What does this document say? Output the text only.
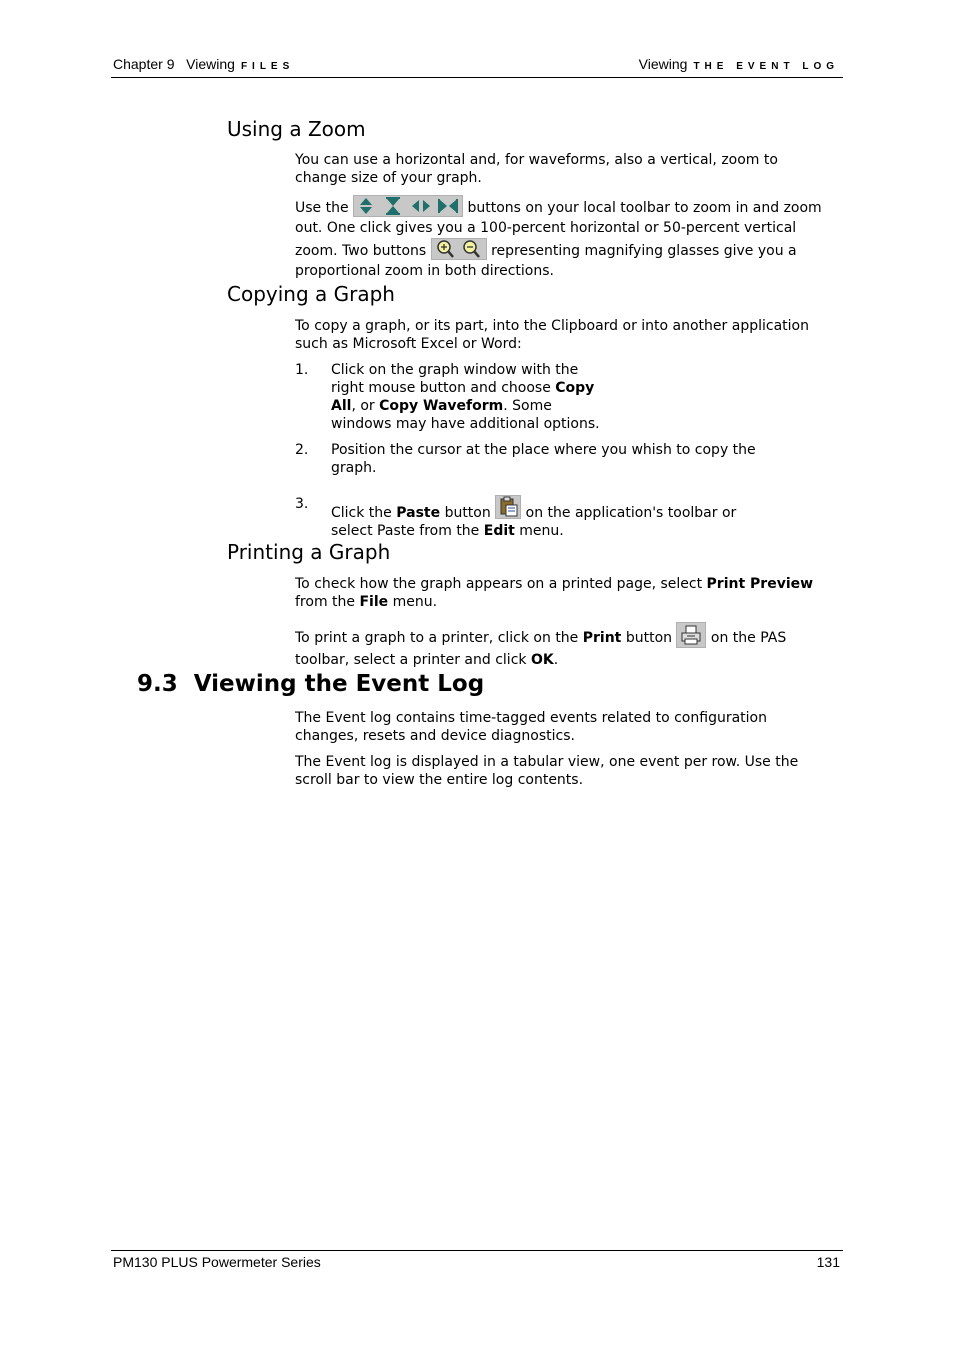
Chapter 9 Viewing FILES	Viewing THE EVENT LOG
Using a Zoom
You can use a horizontal and, for waveforms, also a vertical, zoom to
change size of your graph.
Use the	buttons on your local toolbar to zoom in and zoom
out. One click gives you a 100-percent horizontal or 50-percent vertical
zoom. Two buttons	representing magnifying glasses give you a
proportional zoom in both directions.
Copying a Graph
To copy a graph, or its part, into the Clipboard or into another application
such as Microsoft Excel or Word:
1. Click on the graph window with the
right mouse button and choose Copy
All, or Copy Waveform. Some
windows may have additional options.
2. Position the cursor at the place where you whish to copy the
graph.
3.
Click the Paste button on the application's toolbar or
select Paste from the Edit menu.
Printing a Graph
To check how the graph appears on a printed page, select Print Preview
from the File menu.
To print a graph to a printer, click on the Print button	on the PAS
toolbar, select a printer and click OK.
9.3  Viewing the Event Log
The Event log contains time-tagged events related to configuration
changes, resets and device diagnostics.
The Event log is displayed in a tabular view, one event per row. Use the
scroll bar to view the entire log contents.
PM130 PLUS Powermeter Series	131
